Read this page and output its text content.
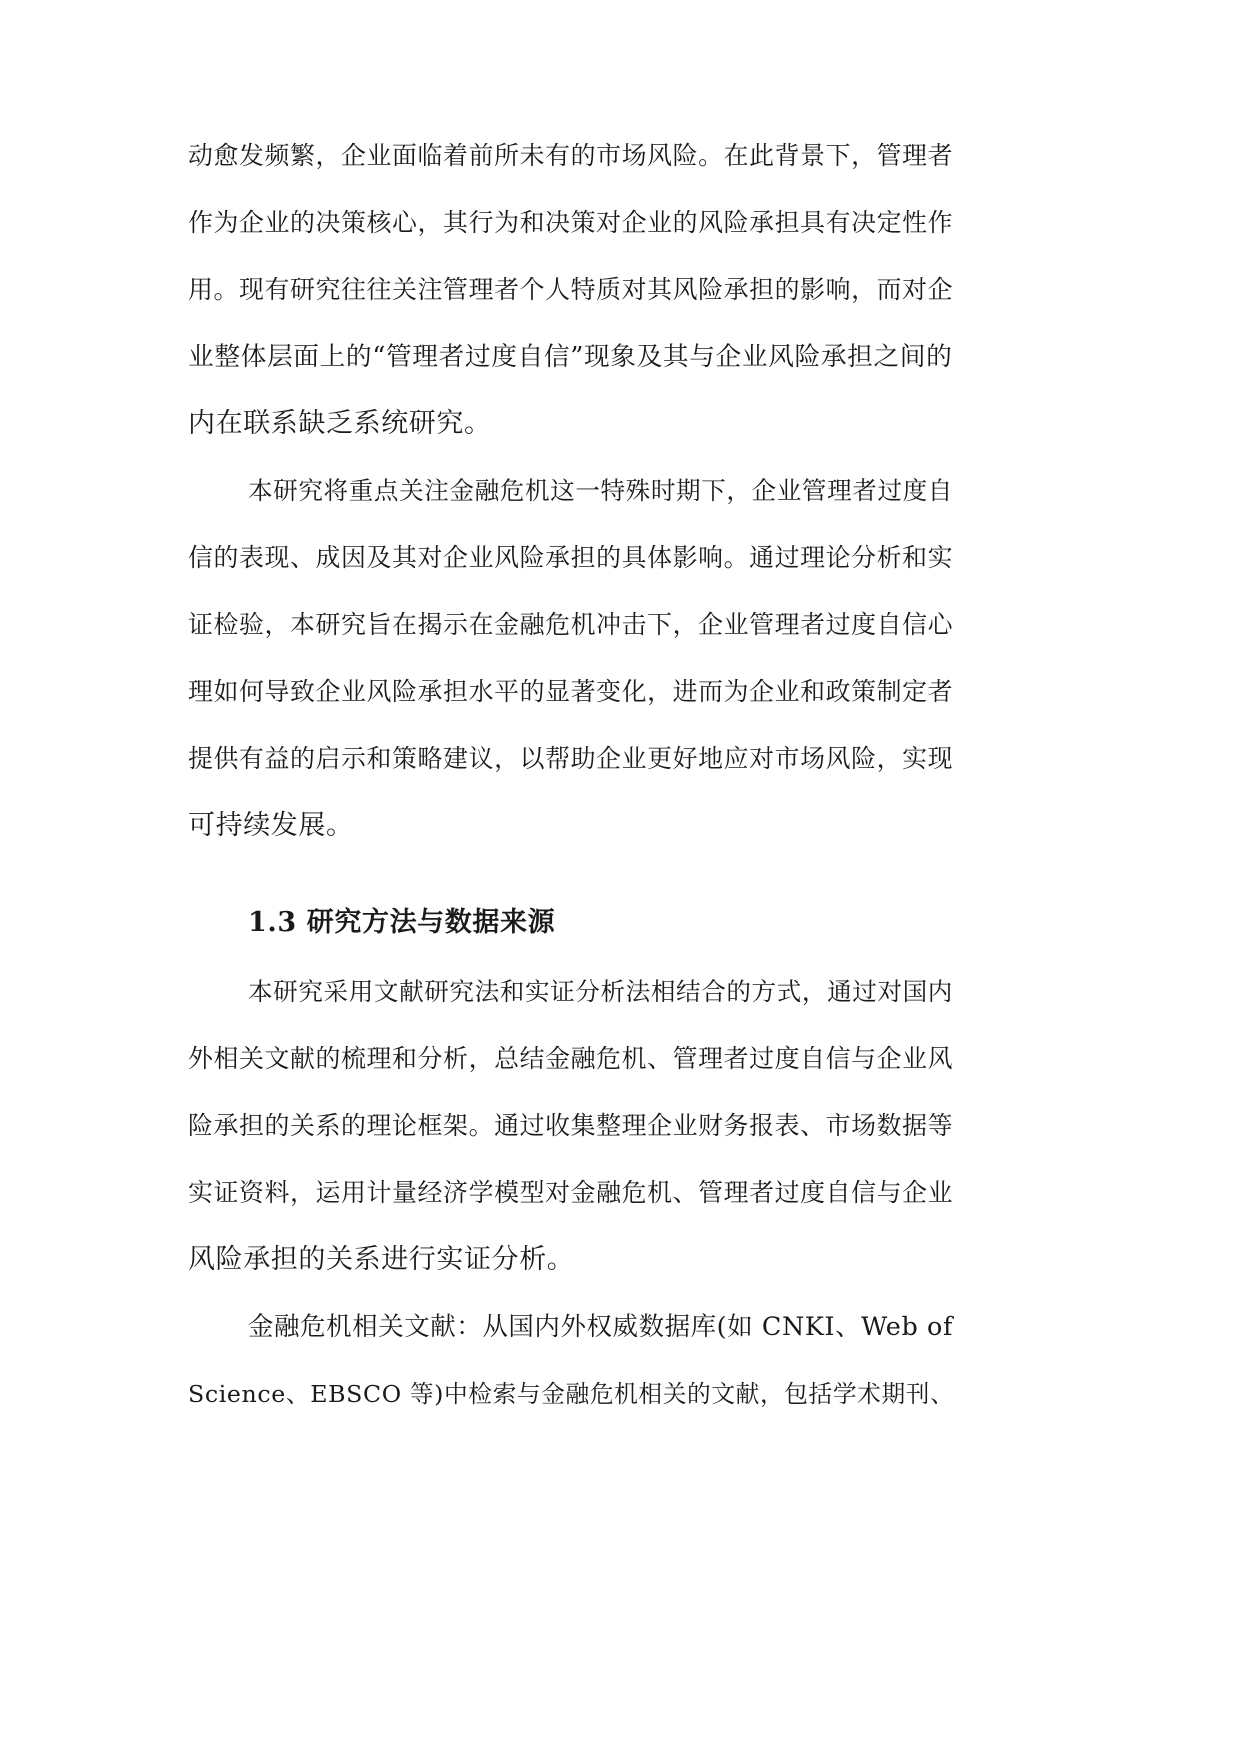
动愈发频繁，企业面临着前所未有的市场风险。在此背景下，管理者
作为企业的决策核心，其行为和决策对企业的风险承担具有决定性作
用。现有研究往往关注管理者个人特质对其风险承担的影响，而对企
业整体层面上的“管理者过度自信”现象及其与企业风险承担之间的
内在联系缺乏系统研究。
本研究将重点关注金融危机这一特殊时期下，企业管理者过度自
信的表现、成因及其对企业风险承担的具体影响。通过理论分析和实
证检验，本研究旨在揭示在金融危机冲击下，企业管理者过度自信心
理如何导致企业风险承担水平的显著变化，进而为企业和政策制定者
提供有益的启示和策略建议，以帮助企业更好地应对市场风险，实现
可持续发展。
1.3 研究方法与数据来源
本研究采用文献研究法和实证分析法相结合的方式，通过对国内
外相关文献的梳理和分析，总结金融危机、管理者过度自信与企业风
险承担的关系的理论框架。通过收集整理企业财务报表、市场数据等
实证资料，运用计量经济学模型对金融危机、管理者过度自信与企业
风险承担的关系进行实证分析。
金融危机相关文献：从国内外权威数据库(如 CNKI、Web of
Science、EBSCO 等)中检索与金融危机相关的文献，包括学术期刊、
